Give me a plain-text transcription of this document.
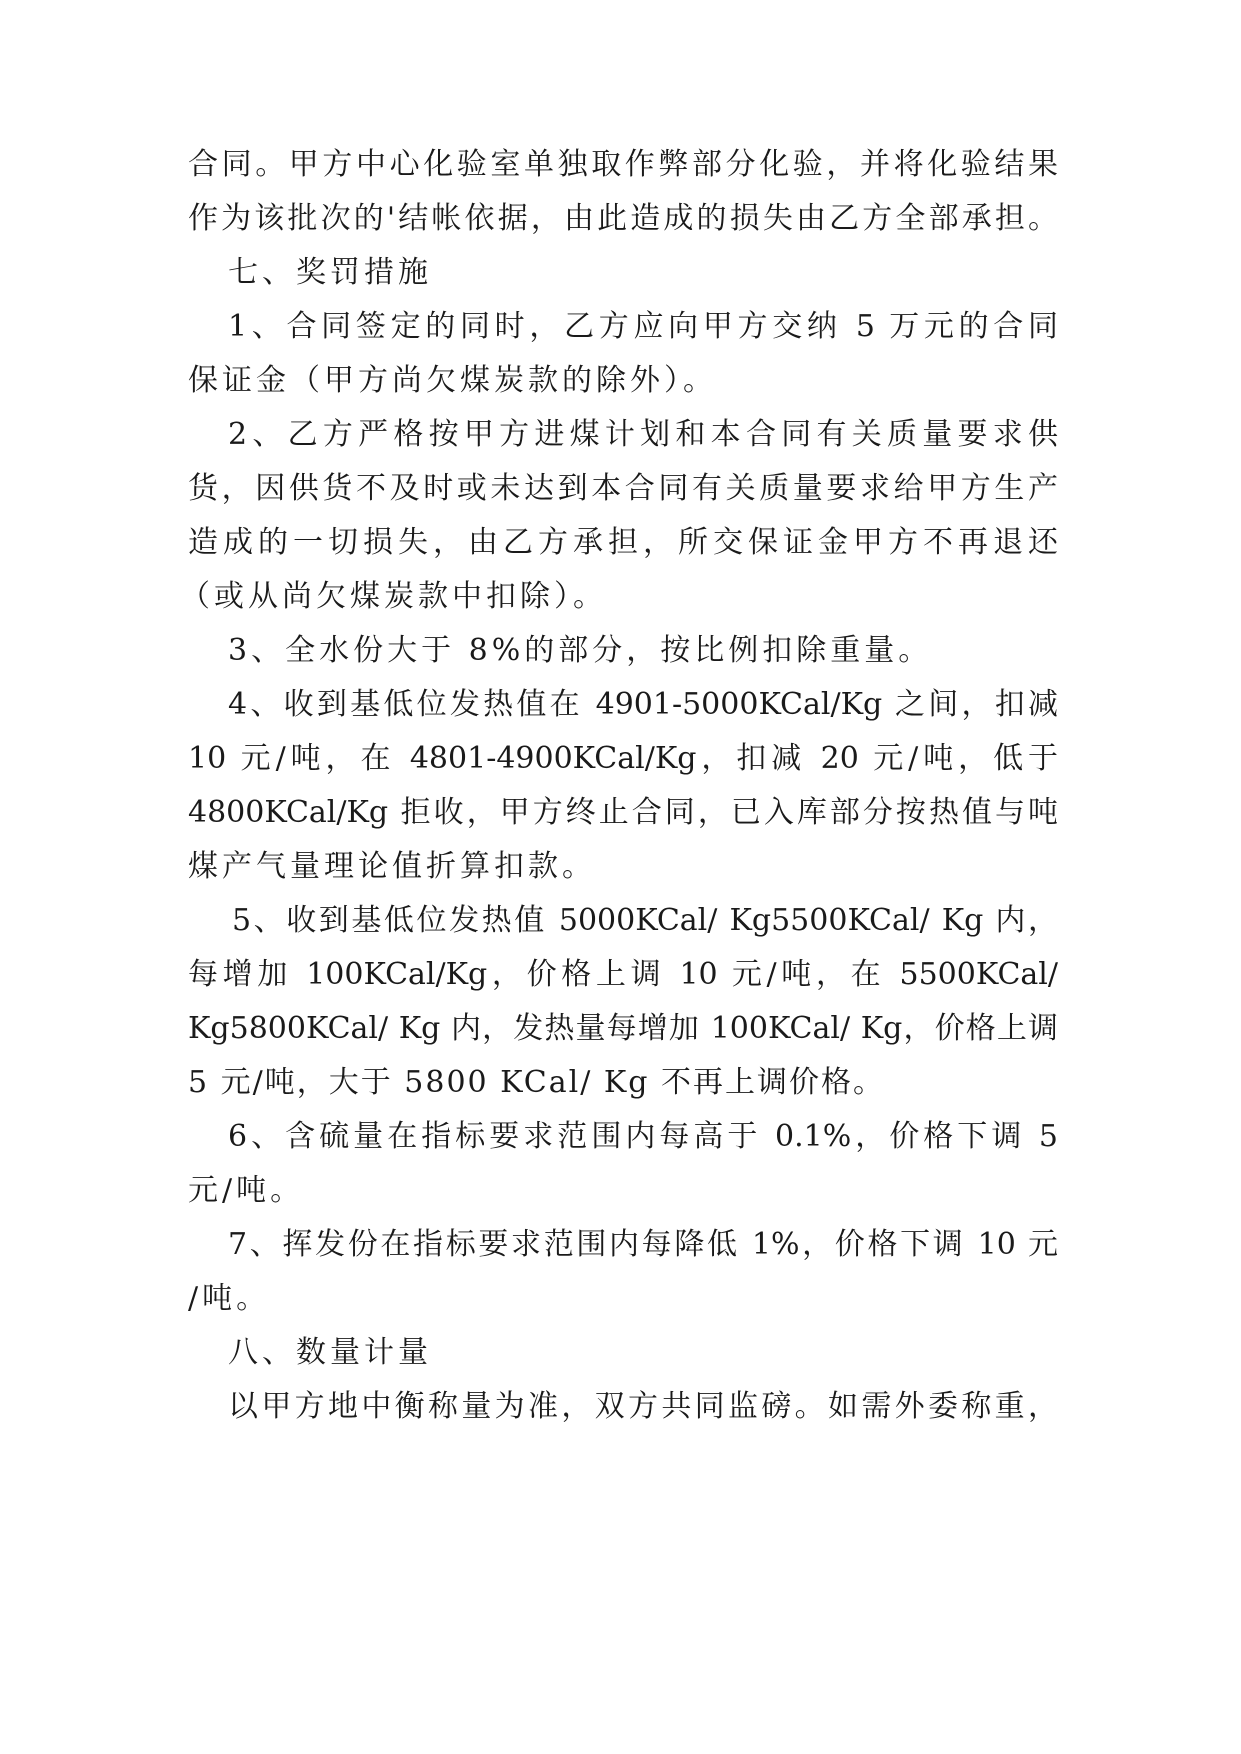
合同。甲方中心化验室单独取作弊部分化验，并将化验结果
作为该批次的'结帐依据，由此造成的损失由乙方全部承担。
七、奖罚措施
1、合同签定的同时，乙方应向甲方交纳 5 万元的合同
保证金（甲方尚欠煤炭款的除外）。
2、乙方严格按甲方进煤计划和本合同有关质量要求供
货，因供货不及时或未达到本合同有关质量要求给甲方生产
造成的一切损失，由乙方承担，所交保证金甲方不再退还
（或从尚欠煤炭款中扣除）。
3、全水份大于 8%的部分，按比例扣除重量。
4、收到基低位发热值在 4901-5000KCal/Kg 之间，扣减
10 元/吨，在 4801-4900KCal/Kg，扣减 20 元/吨，低于
4800KCal/Kg 拒收，甲方终止合同，已入库部分按热值与吨
煤产气量理论值折算扣款。
5、收到基低位发热值 5000KCal/ Kg5500KCal/ Kg 内，
每增加 100KCal/Kg，价格上调 10 元/吨，在 5500KCal/
Kg5800KCal/ Kg 内，发热量每增加 100KCal/ Kg，价格上调
5 元/吨，大于 5800 KCal/ Kg 不再上调价格。
6、含硫量在指标要求范围内每高于 0.1%，价格下调 5
元/吨。
7、挥发份在指标要求范围内每降低 1%，价格下调 10 元
/吨。
八、数量计量
以甲方地中衡称量为准，双方共同监磅。如需外委称重，
